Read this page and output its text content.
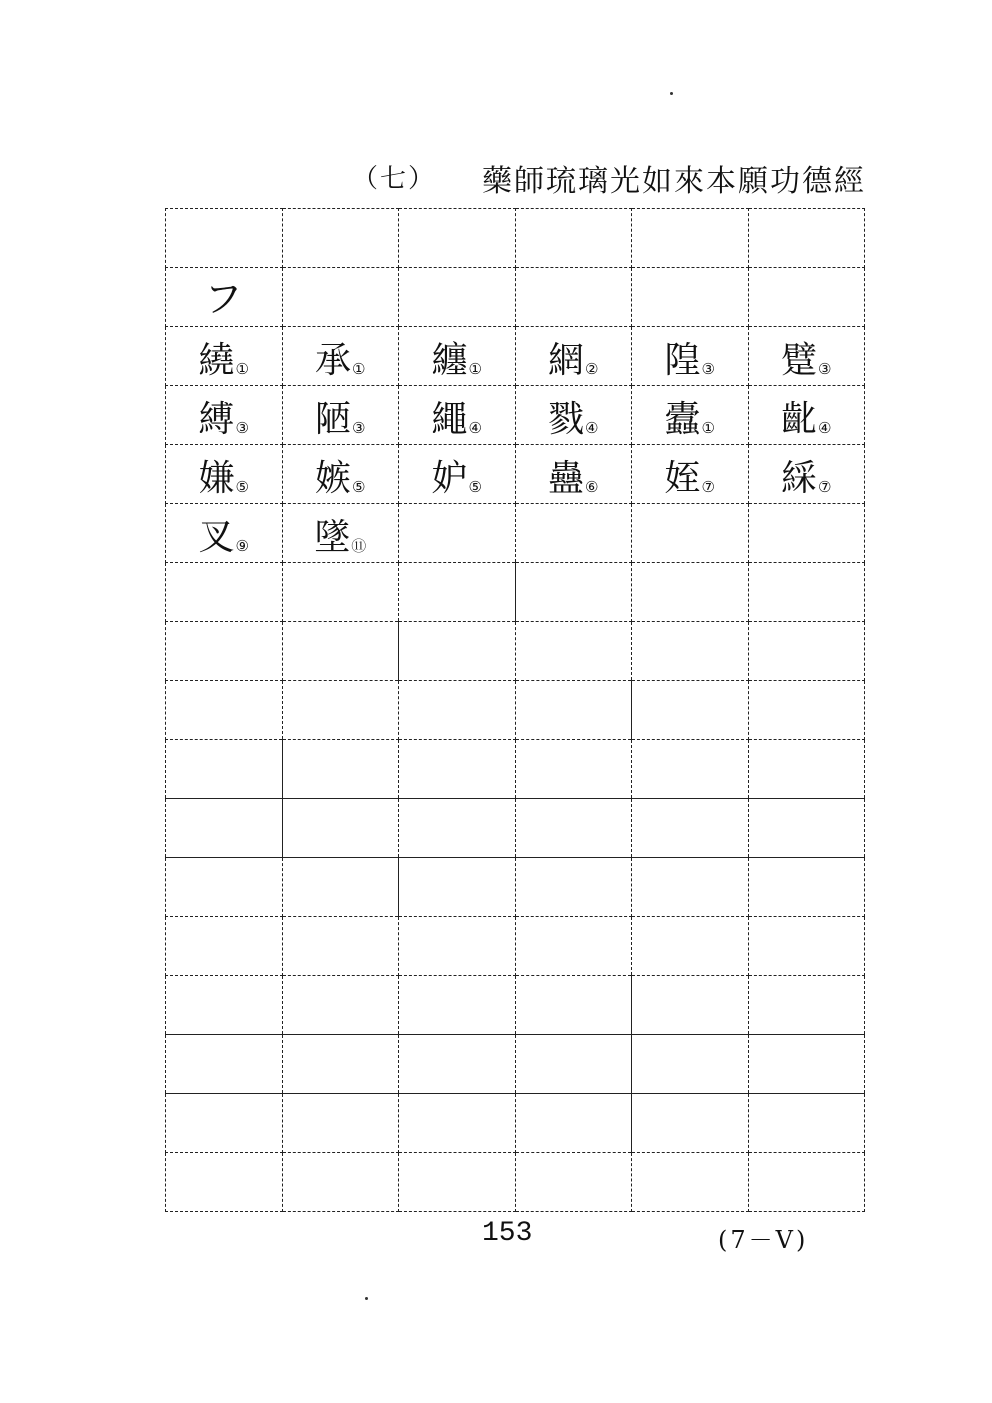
（七） 藥師琉璃光如來本願功德經

フ					

繞 ①	承 ①	纏 ①	網 ②	隍 ③	躄 ③

縛 ③	陋 ③	繩 ④	戮 ④	蠹 ①	齔 ④

嫌 ⑤	嫉 ⑤	妒 ⑤	蠱 ⑥	姪 ⑦	綵 ⑦

叉 ⑨	墜 ⑪				

153	(7－V)
